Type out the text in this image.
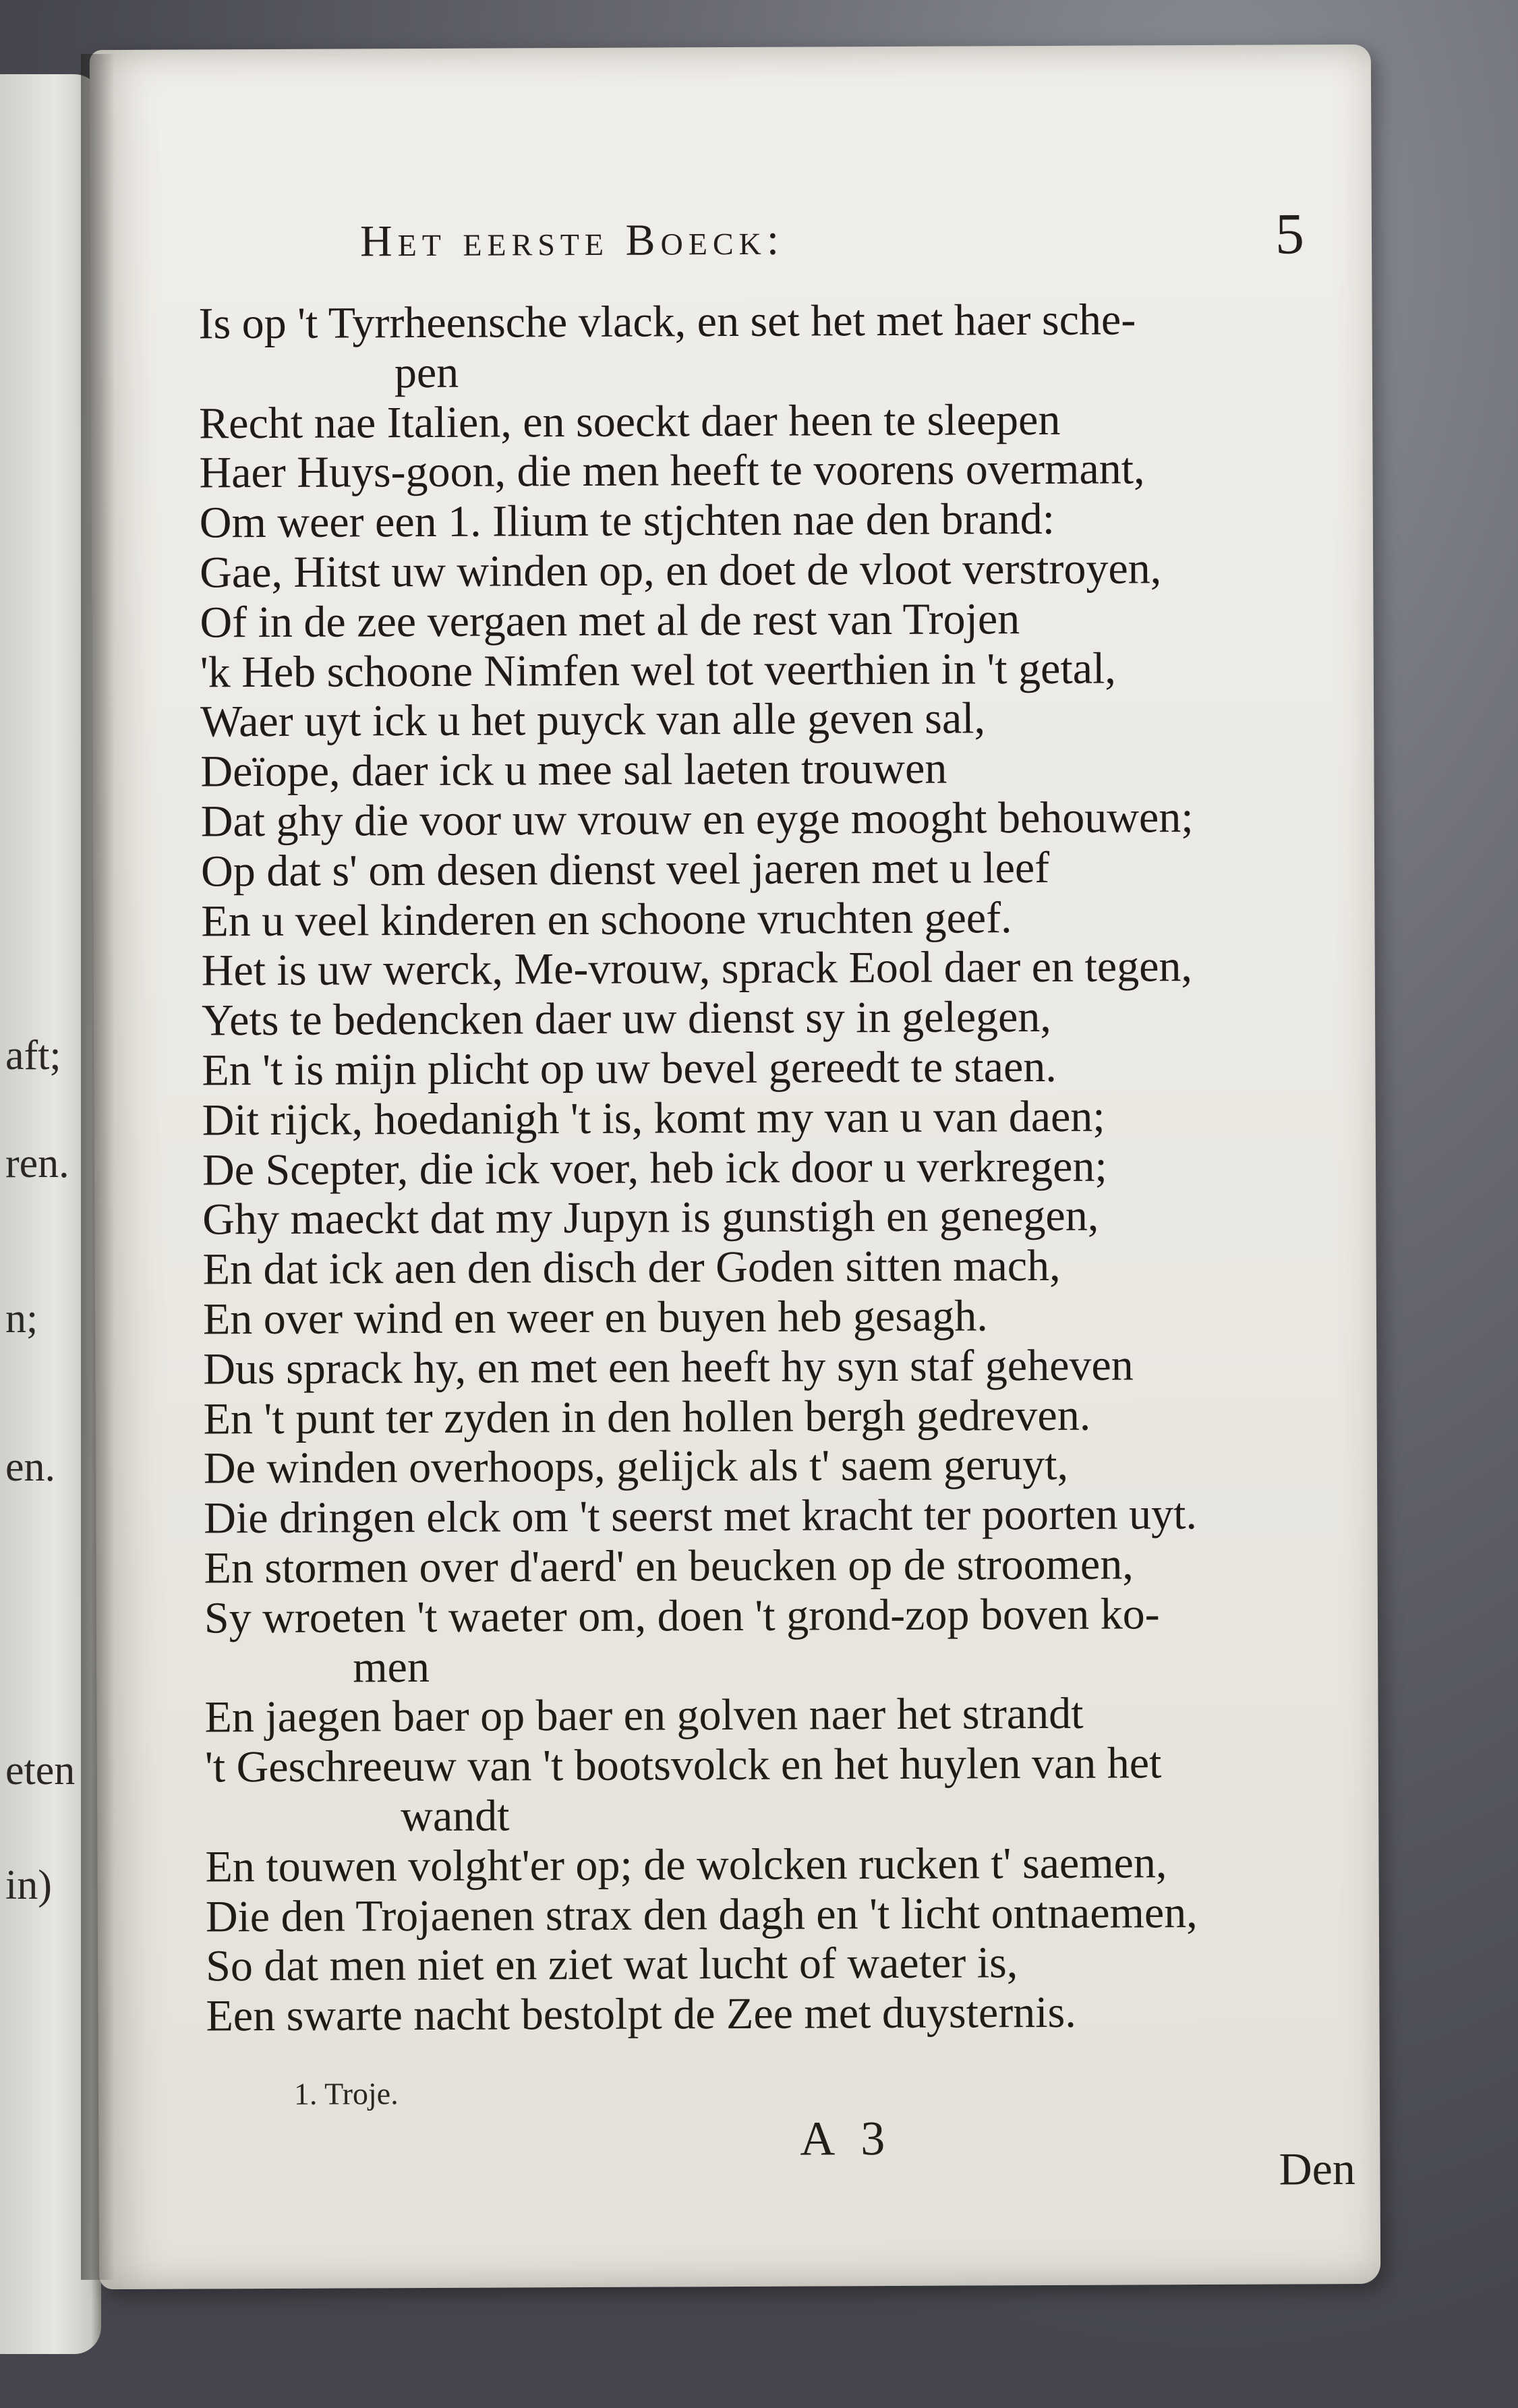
aft;
ren.
n;
en.
eten
in)
Het eerste Boeck:	5
Is op 't Tyrrheensche vlack, en set het met haer sche-
pen
Recht nae Italien, en soeckt daer heen te sleepen
Haer Huys-goon, die men heeft te voorens overmant,
Om weer een 1. Ilium te stjchten nae den brand:
Gae, Hitst uw winden op, en doet de vloot verstroyen,
Of in de zee vergaen met al de rest van Trojen
'k Heb schoone Nimfen wel tot veerthien in 't getal,
Waer uyt ick u het puyck van alle geven sal,
Deïope, daer ick u mee sal laeten trouwen
Dat ghy die voor uw vrouw en eyge mooght behouwen;
Op dat s' om desen dienst veel jaeren met u leef
En u veel kinderen en schoone vruchten geef.
Het is uw werck, Me-vrouw, sprack Eool daer en tegen,
Yets te bedencken daer uw dienst sy in gelegen,
En 't is mijn plicht op uw bevel gereedt te staen.
Dit rijck, hoedanigh 't is, komt my van u van daen;
De Scepter, die ick voer, heb ick door u verkregen;
Ghy maeckt dat my Jupyn is gunstigh en genegen,
En dat ick aen den disch der Goden sitten mach,
En over wind en weer en buyen heb gesagh.
Dus sprack hy, en met een heeft hy syn staf geheven
En 't punt ter zyden in den hollen bergh gedreven.
De winden overhoops, gelijck als t' saem geruyt,
Die dringen elck om 't seerst met kracht ter poorten uyt.
En stormen over d'aerd' en beucken op de stroomen,
Sy wroeten 't waeter om, doen 't grond-zop boven ko-
men
En jaegen baer op baer en golven naer het strandt
't Geschreeuw van 't bootsvolck en het huylen van het
wandt
En touwen volght'er op; de wolcken rucken t' saemen,
Die den Trojaenen strax den dagh en 't licht ontnaemen,
So dat men niet en ziet wat lucht of waeter is,
Een swarte nacht bestolpt de Zee met duysternis.
1. Troje.
A 3
Den
